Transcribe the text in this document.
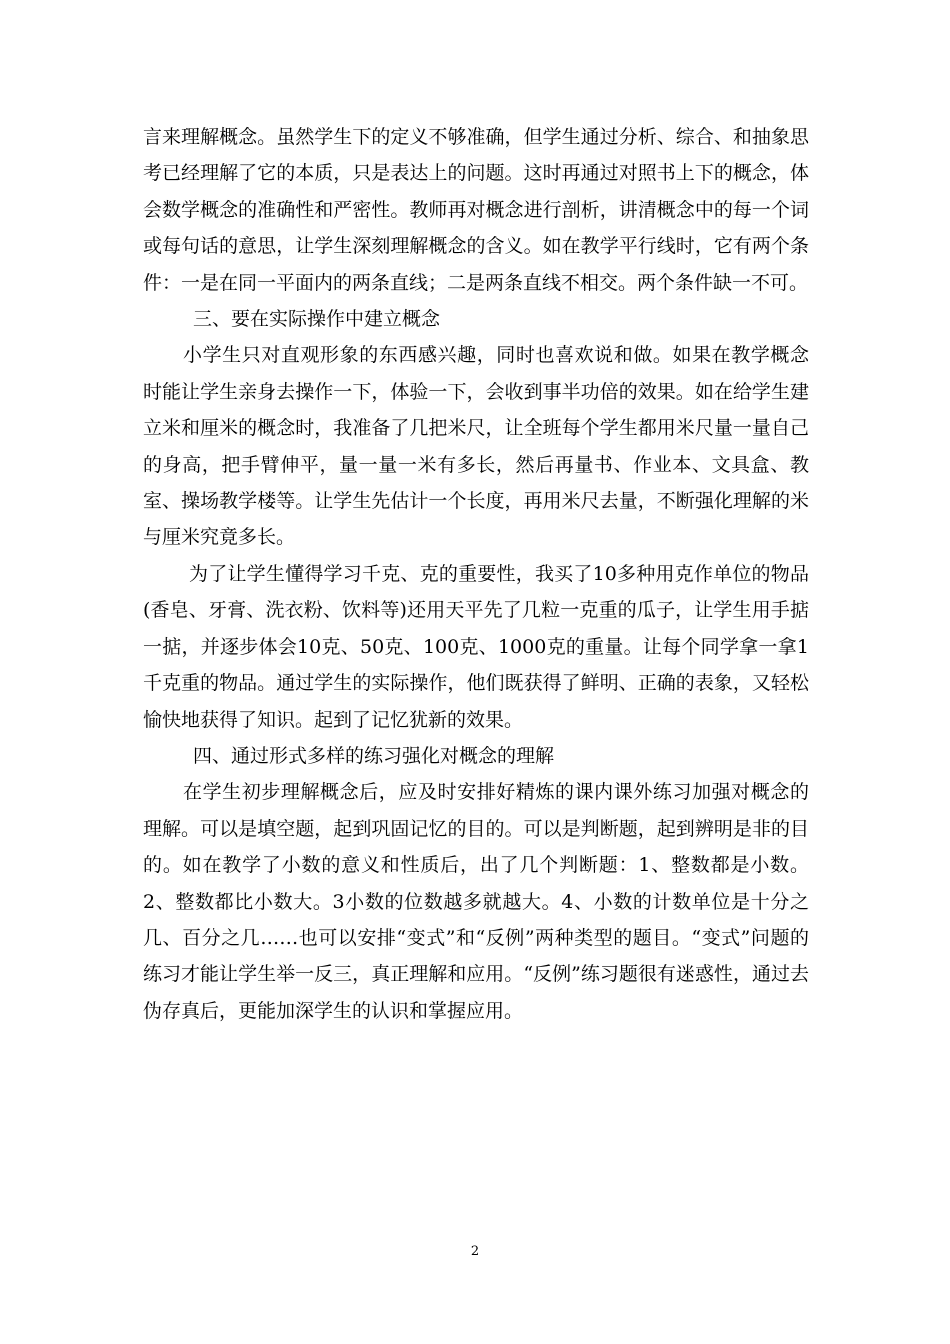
言来理解概念。虽然学生下的定义不够准确，但学生通过分析、综合、和抽象思考已经理解了它的本质，只是表达上的问题。这时再通过对照书上下的概念，体会数学概念的准确性和严密性。教师再对概念进行剖析，讲清概念中的每一个词或每句话的意思，让学生深刻理解概念的含义。如在教学平行线时，它有两个条件：一是在同一平面内的两条直线；二是两条直线不相交。两个条件缺一不可。

三、要在实际操作中建立概念

小学生只对直观形象的东西感兴趣，同时也喜欢说和做。如果在教学概念时能让学生亲身去操作一下，体验一下，会收到事半功倍的效果。如在给学生建立米和厘米的概念时，我准备了几把米尺，让全班每个学生都用米尺量一量自己的身高，把手臂伸平，量一量一米有多长，然后再量书、作业本、文具盒、教室、操场教学楼等。让学生先估计一个长度，再用米尺去量，不断强化理解的米与厘米究竟多长。

为了让学生懂得学习千克、克的重要性，我买了10多种用克作单位的物品(香皂、牙膏、洗衣粉、饮料等)还用天平先了几粒一克重的瓜子，让学生用手掂一掂，并逐步体会10克、50克、100克、1000克的重量。让每个同学拿一拿1千克重的物品。通过学生的实际操作，他们既获得了鲜明、正确的表象，又轻松愉快地获得了知识。起到了记忆犹新的效果。

四、通过形式多样的练习强化对概念的理解

在学生初步理解概念后，应及时安排好精炼的课内课外练习加强对概念的理解。可以是填空题，起到巩固记忆的目的。可以是判断题，起到辨明是非的目的。如在教学了小数的意义和性质后，出了几个判断题：1、整数都是小数。2、整数都比小数大。3小数的位数越多就越大。4、小数的计数单位是十分之几、百分之几……也可以安排“变式”和“反例”两种类型的题目。“变式”问题的练习才能让学生举一反三，真正理解和应用。“反例”练习题很有迷惑性，通过去伪存真后，更能加深学生的认识和掌握应用。

2
